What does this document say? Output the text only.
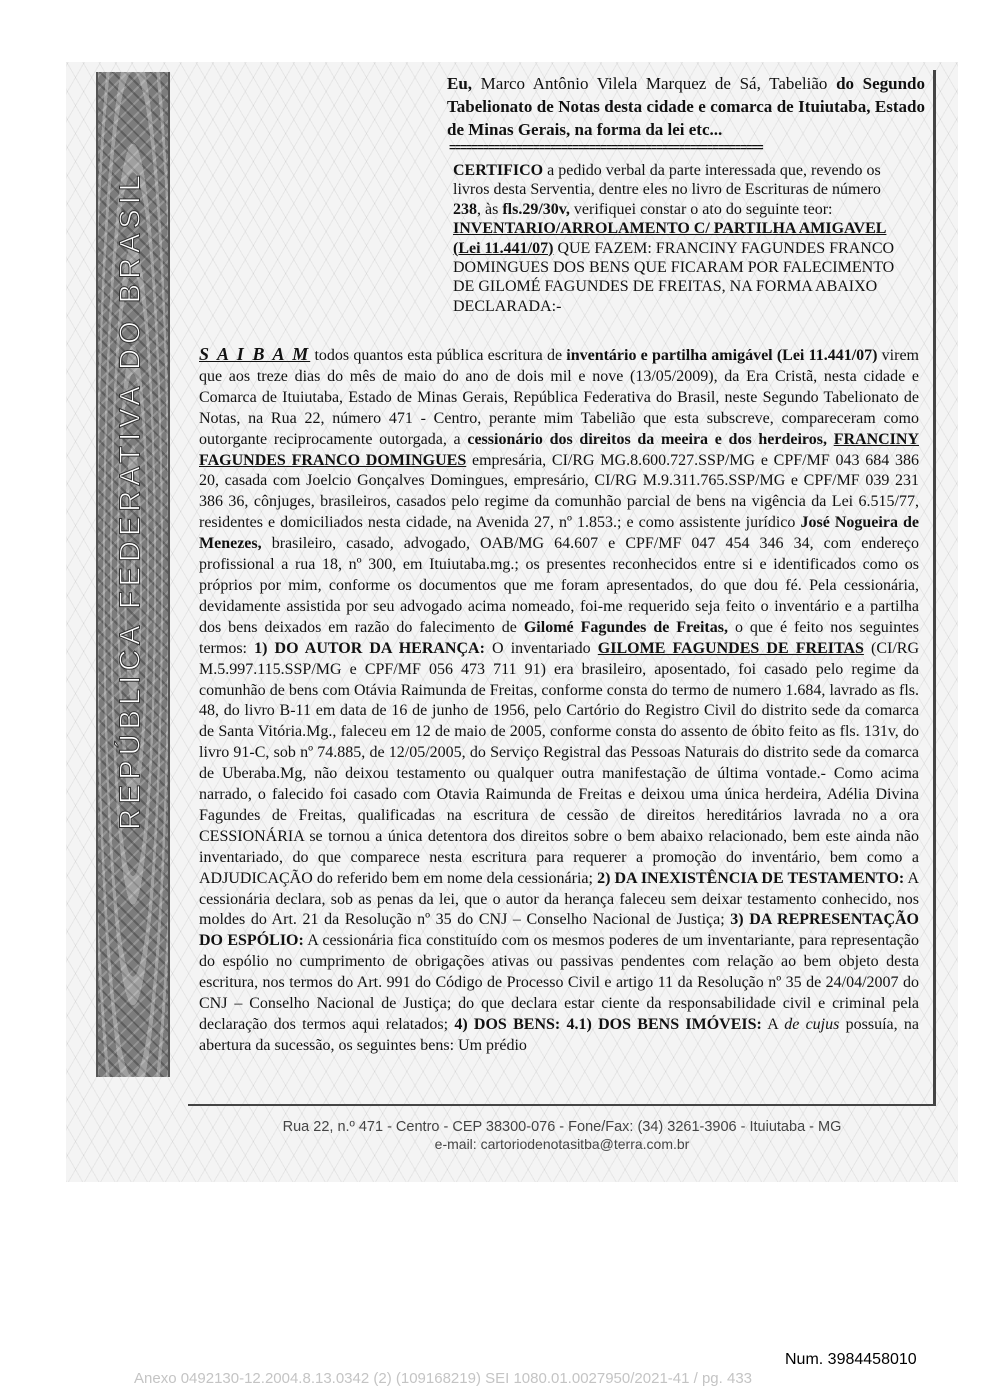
REPÚBLICA FEDERATIVA DO BRASIL
Eu, Marco Antônio Vilela Marquez de Sá, Tabelião do Segundo Tabelionato de Notas desta cidade e comarca de Ituiutaba, Estado de Minas Gerais, na forma da lei etc...
========================================================
CERTIFICO a pedido verbal da parte interessada que, revendo os livros desta Serventia, dentre eles no livro de Escrituras de número 238, às fls.29/30v, verifiquei constar o ato do seguinte teor: INVENTARIO/ARROLAMENTO C/ PARTILHA AMIGAVEL (Lei 11.441/07) QUE FAZEM: FRANCINY FAGUNDES FRANCO DOMINGUES DOS BENS QUE FICARAM POR FALECIMENTO DE GILOMÉ FAGUNDES DE FREITAS, NA FORMA ABAIXO DECLARADA:-
S A I B A M todos quantos esta pública escritura de inventário e partilha amigável (Lei 11.441/07) virem que aos treze dias do mês de maio do ano de dois mil e nove (13/05/2009), da Era Cristã, nesta cidade e Comarca de Ituiutaba, Estado de Minas Gerais, República Federativa do Brasil, neste Segundo Tabelionato de Notas, na Rua 22, número 471 - Centro, perante mim Tabelião que esta subscreve, compareceram como outorgante reciprocamente outorgada, a cessionário dos direitos da meeira e dos herdeiros, FRANCINY FAGUNDES FRANCO DOMINGUES empresária, CI/RG MG.8.600.727.SSP/MG e CPF/MF 043 684 386 20, casada com Joelcio Gonçalves Domingues, empresário, CI/RG M.9.311.765.SSP/MG e CPF/MF 039 231 386 36, cônjuges, brasileiros, casados pelo regime da comunhão parcial de bens na vigência da Lei 6.515/77, residentes e domiciliados nesta cidade, na Avenida 27, nº 1.853.; e como assistente jurídico José Nogueira de Menezes, brasileiro, casado, advogado, OAB/MG 64.607 e CPF/MF 047 454 346 34, com endereço profissional a rua 18, nº 300, em Ituiutaba.mg.; os presentes reconhecidos entre si e identificados como os próprios por mim, conforme os documentos que me foram apresentados, do que dou fé. Pela cessionária, devidamente assistida por seu advogado acima nomeado, foi-me requerido seja feito o inventário e a partilha dos bens deixados em razão do falecimento de Gilomé Fagundes de Freitas, o que é feito nos seguintes termos: 1) DO AUTOR DA HERANÇA: O inventariado GILOME FAGUNDES DE FREITAS (CI/RG M.5.997.115.SSP/MG e CPF/MF 056 473 711 91) era brasileiro, aposentado, foi casado pelo regime da comunhão de bens com Otávia Raimunda de Freitas, conforme consta do termo de numero 1.684, lavrado as fls. 48, do livro B-11 em data de 16 de junho de 1956, pelo Cartório do Registro Civil do distrito sede da comarca de Santa Vitória.Mg., faleceu em 12 de maio de 2005, conforme consta do assento de óbito feito as fls. 131v, do livro 91-C, sob nº 74.885, de 12/05/2005, do Serviço Registral das Pessoas Naturais do distrito sede da comarca de Uberaba.Mg, não deixou testamento ou qualquer outra manifestação de última vontade.- Como acima narrado, o falecido foi casado com Otavia Raimunda de Freitas e deixou uma única herdeira, Adélia Divina Fagundes de Freitas, qualificadas na escritura de cessão de direitos hereditários lavrada no a ora CESSIONÁRIA se tornou a única detentora dos direitos sobre o bem abaixo relacionado, bem este ainda não inventariado, do que comparece nesta escritura para requerer a promoção do inventário, bem como a ADJUDICAÇÃO do referido bem em nome dela cessionária; 2) DA INEXISTÊNCIA DE TESTAMENTO: A cessionária declara, sob as penas da lei, que o autor da herança faleceu sem deixar testamento conhecido, nos moldes do Art. 21 da Resolução nº 35 do CNJ – Conselho Nacional de Justiça; 3) DA REPRESENTAÇÃO DO ESPÓLIO: A cessionária fica constituído com os mesmos poderes de um inventariante, para representação do espólio no cumprimento de obrigações ativas ou passivas pendentes com relação ao bem objeto desta escritura, nos termos do Art. 991 do Código de Processo Civil e artigo 11 da Resolução nº 35 de 24/04/2007 do CNJ – Conselho Nacional de Justiça; do que declara estar ciente da responsabilidade civil e criminal pela declaração dos termos aqui relatados; 4) DOS BENS: 4.1) DOS BENS IMÓVEIS: A de cujus possuía, na abertura da sucessão, os seguintes bens: Um prédio
Rua 22, n.º 471 - Centro - CEP 38300-076 - Fone/Fax: (34) 3261-3906 - Ituiutaba - MG
e-mail: cartoriodenotasitba@terra.com.br
Num. 3984458010
Anexo 0492130-12.2004.8.13.0342 (2) (109168219) SEI 1080.01.0027950/2021-41 / pg. 433
